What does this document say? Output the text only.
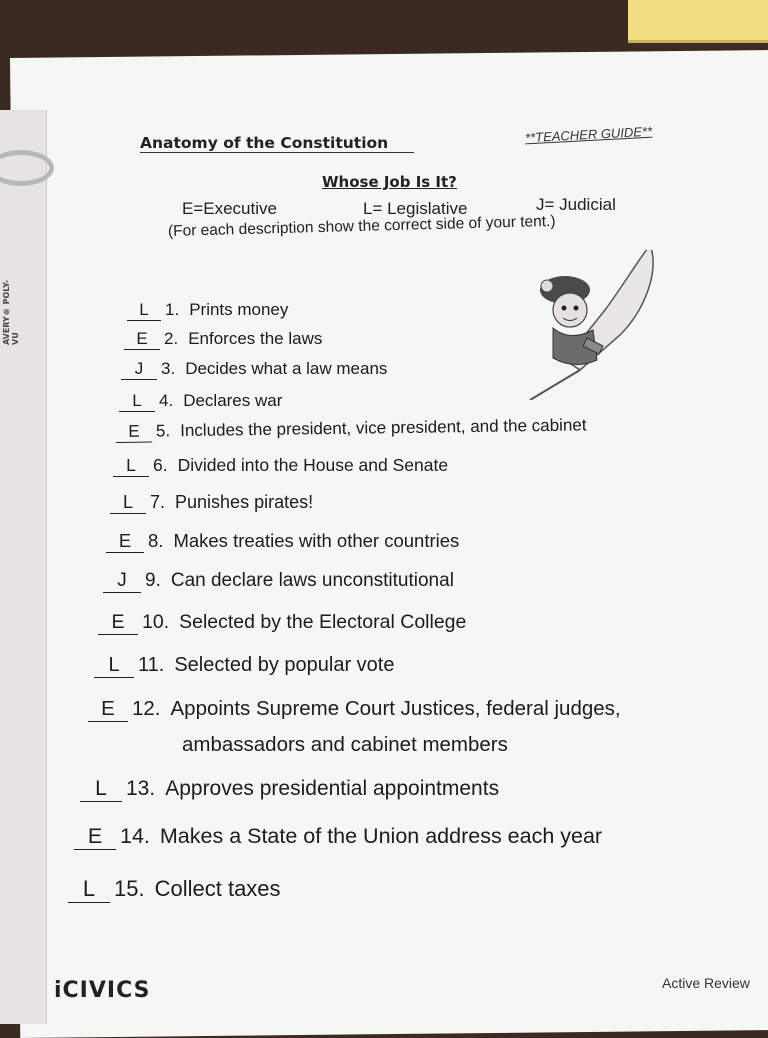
AVERY® POLY-VU
Anatomy of the Constitution	**TEACHER GUIDE**
Whose Job Is It?
E=Executive	L= Legislative	J= Judicial
(For each description show the correct side of your tent.)
L 1. Prints money
E 2. Enforces the laws
J 3. Decides what a law means
L 4. Declares war
E 5. Includes the president, vice president, and the cabinet
L 6. Divided into the House and Senate
L 7. Punishes pirates!
E 8. Makes treaties with other countries
J 9. Can declare laws unconstitutional
E 10. Selected by the Electoral College
L 11. Selected by popular vote
E 12. Appoints Supreme Court Justices, federal judges,
ambassadors and cabinet members
L 13. Approves presidential appointments
E 14. Makes a State of the Union address each year
L 15. Collect taxes
iCIVICS	Active Review
